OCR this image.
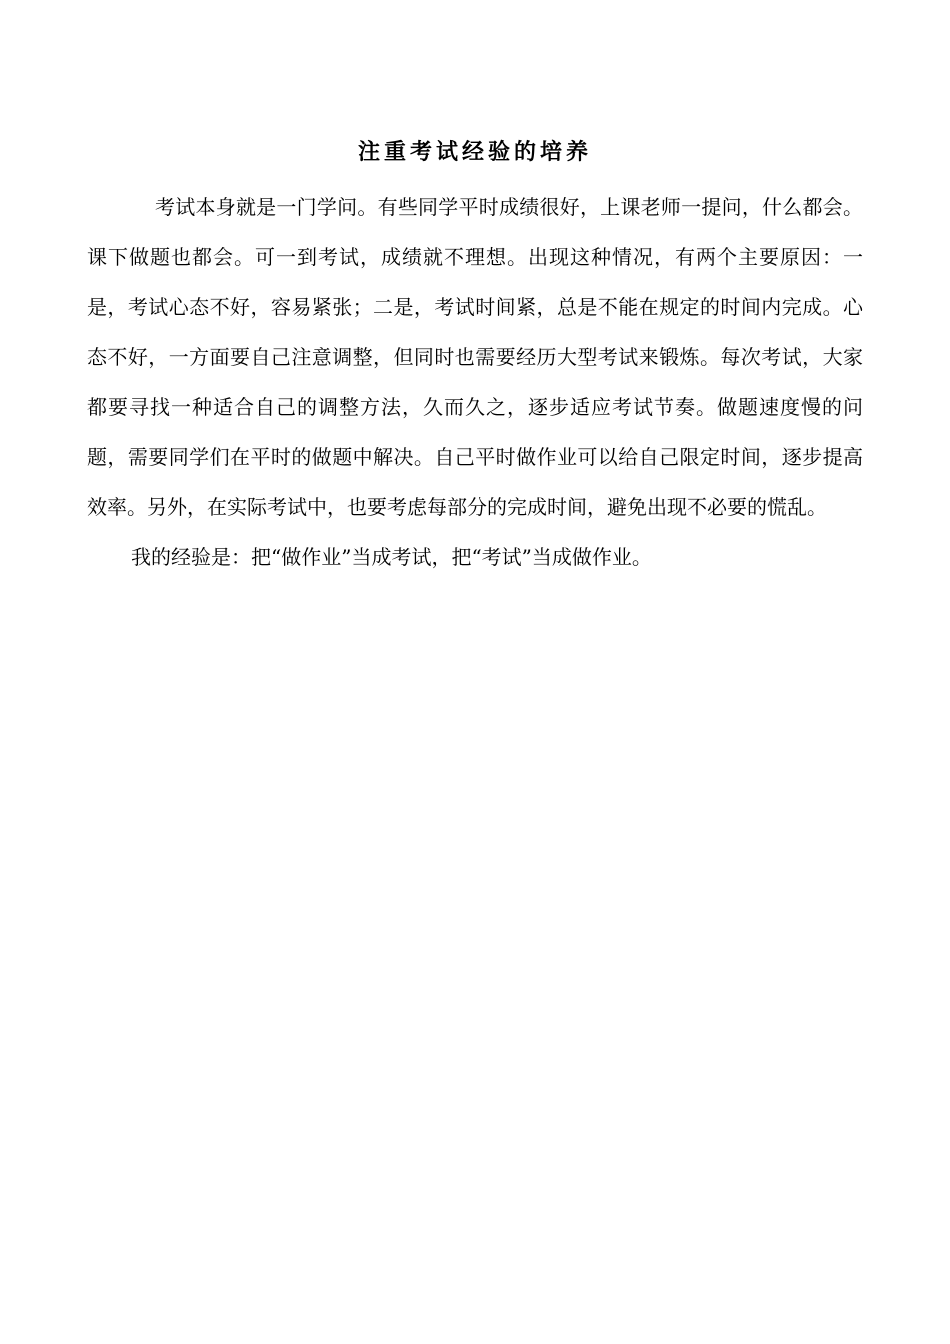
注重考试经验的培养

考试本身就是一门学问。有些同学平时成绩很好，上课老师一提问，什么都会。课下做题也都会。可一到考试，成绩就不理想。出现这种情况，有两个主要原因：一是，考试心态不好，容易紧张；二是，考试时间紧，总是不能在规定的时间内完成。心态不好，一方面要自己注意调整，但同时也需要经历大型考试来锻炼。每次考试，大家都要寻找一种适合自己的调整方法，久而久之，逐步适应考试节奏。做题速度慢的问题，需要同学们在平时的做题中解决。自己平时做作业可以给自己限定时间，逐步提高效率。另外，在实际考试中，也要考虑每部分的完成时间，避免出现不必要的慌乱。

我的经验是：把“做作业”当成考试，把“考试”当成做作业。
